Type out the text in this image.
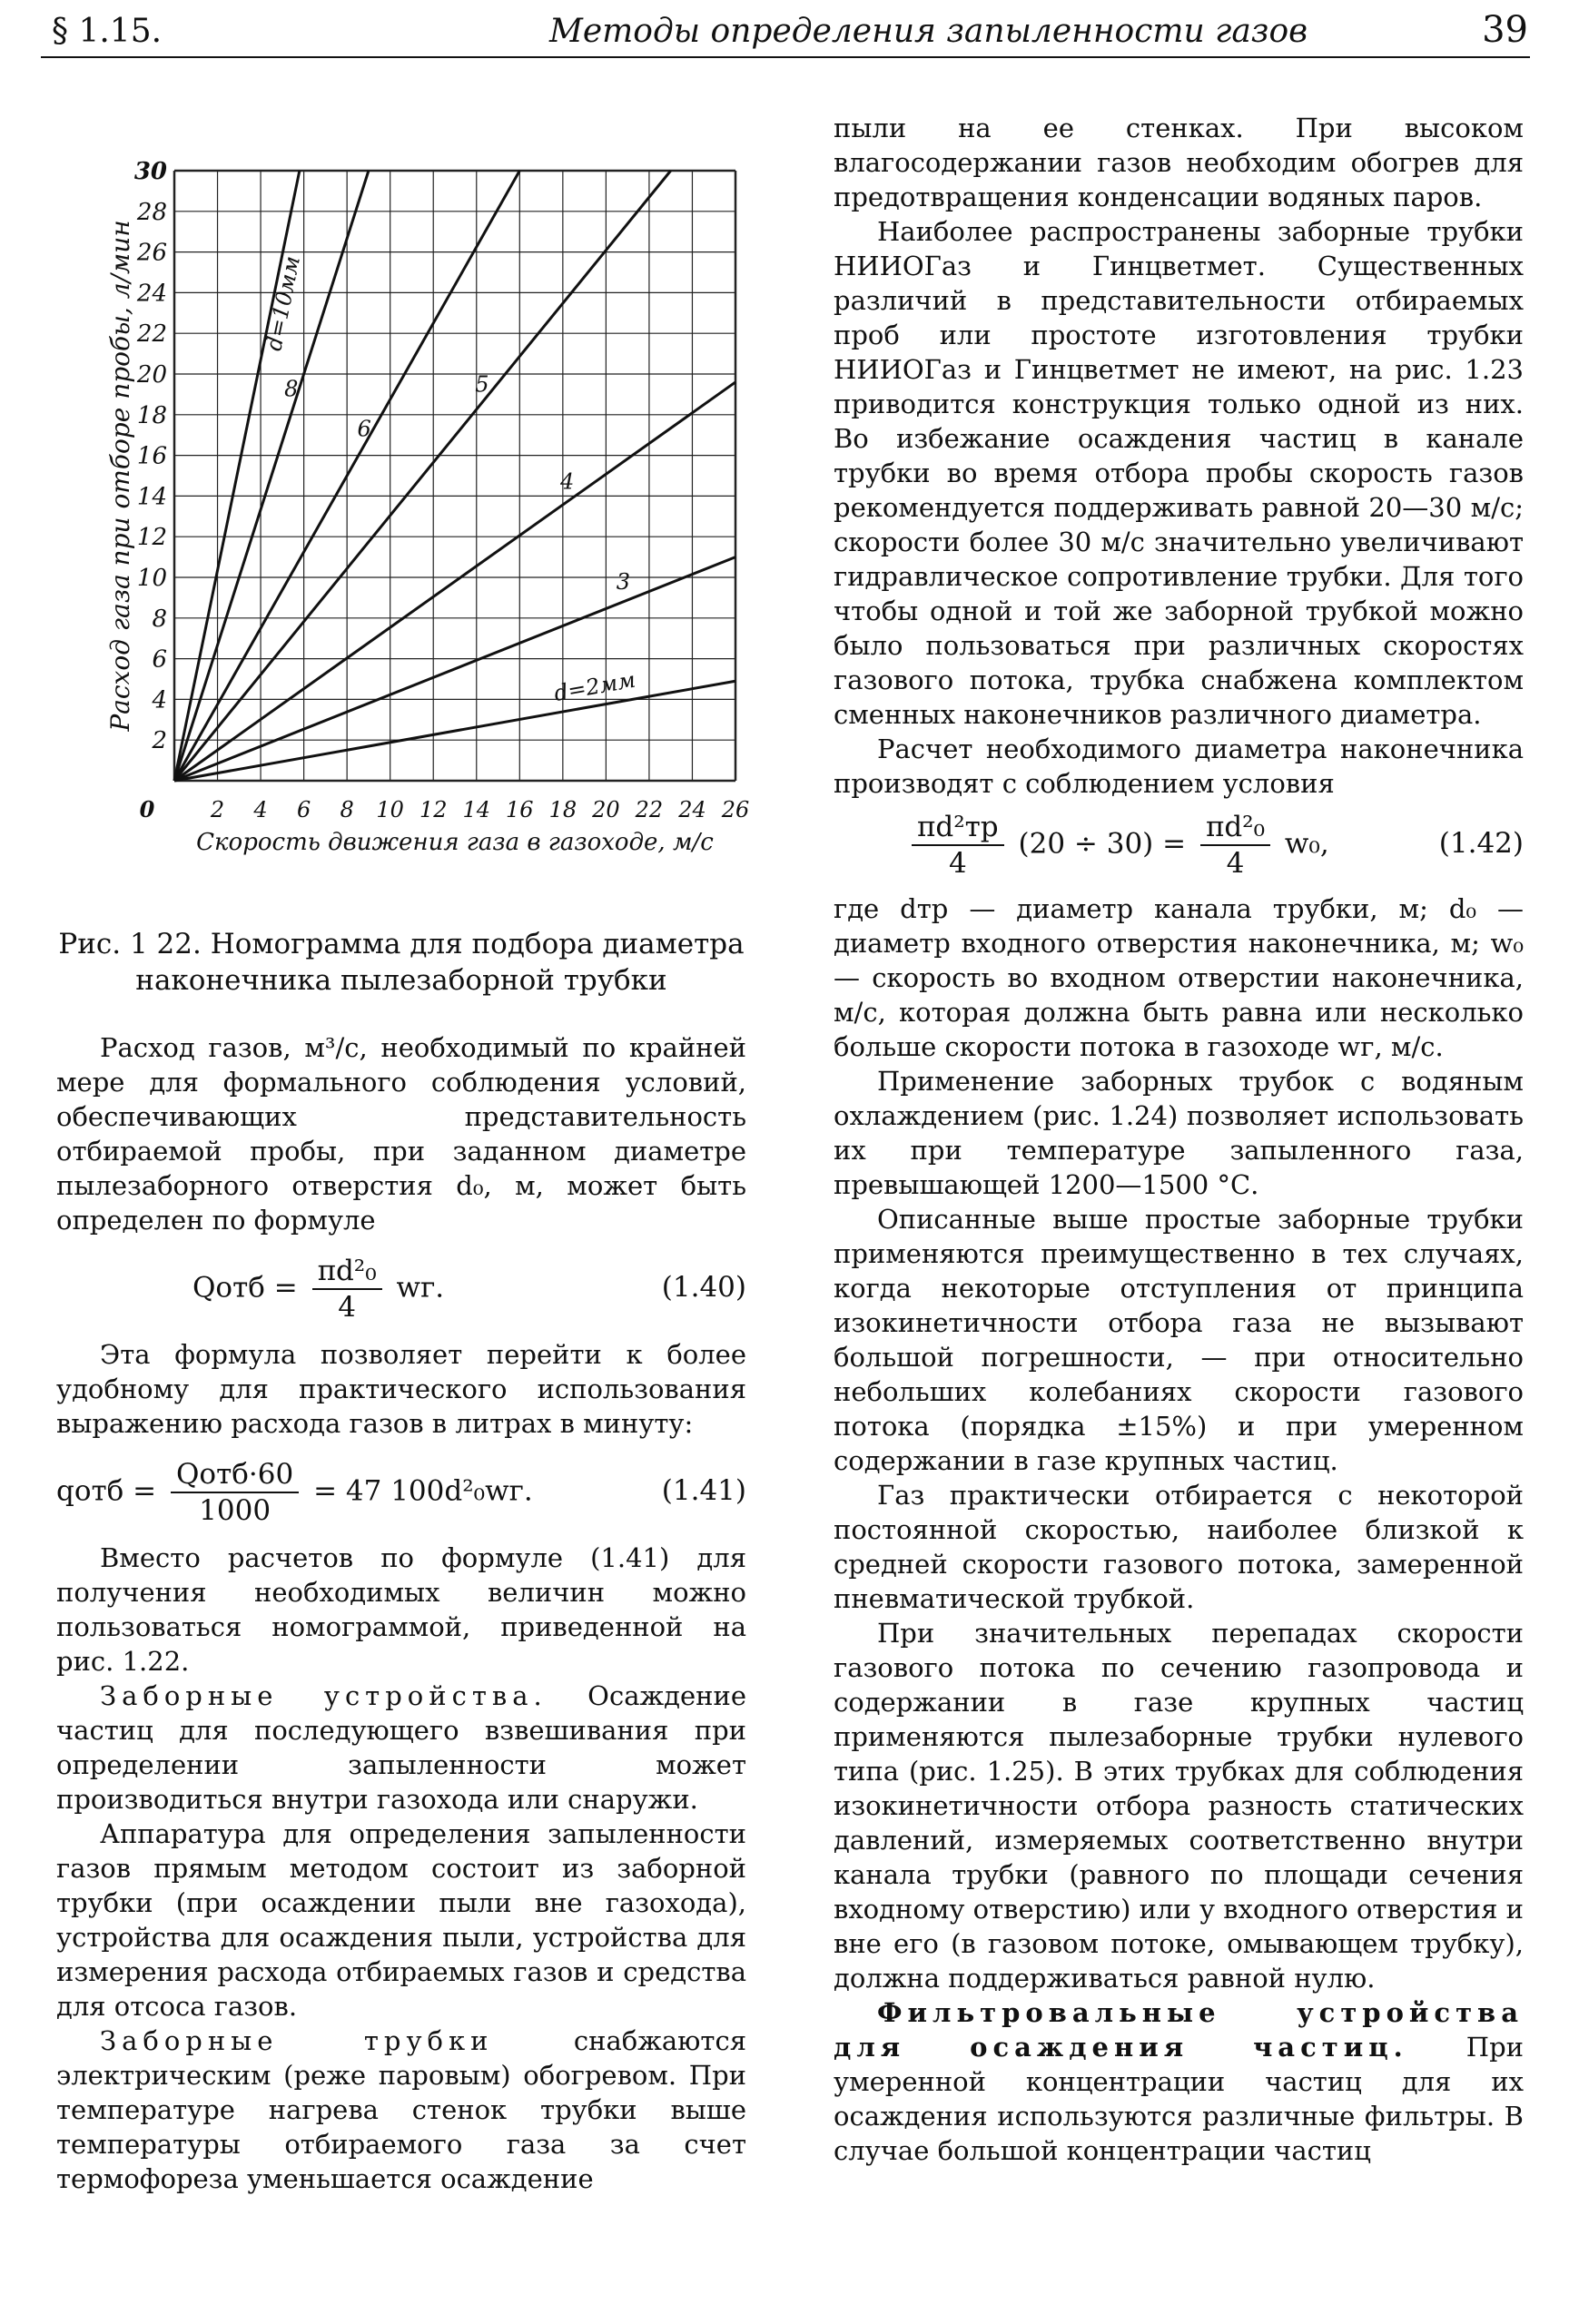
§ 1.15.	Методы определения запыленности газов	39
d=2мм
3
4
5
6
8
d=10мм
2
4
6
8
10
12
14
16
18
20
22
24
26
28
30
0	2 4 6 8 10 12 14 16 18 20 22 24 26
Скорость движения газа в газоходе, м/с
Расход газа при отборе пробы, л/мин
Рис. 1 22. Номограмма для подбора диаметра наконечника пылезаборной трубки

Расход газов, м³/с, необходимый по крайней мере для формального соблюдения условий, обеспечивающих представительность отбираемой пробы, при заданном диаметре пылезаборного отверстия d₀, м, может быть определен по формуле

Qотб = $\frac{\text{πd²₀}}{4}$ wг.	(1.40)

Эта формула позволяет перейти к более удобному для практического использования выражению расхода газов в литрах в минуту:

qотб = $\frac{\text{Qотб·60}}{1000} = 47$ 100d²₀wг.	(1.41)

Вместо расчетов по формуле (1.41) для получения необходимых величин можно пользоваться номограммой, приведенной на рис. 1.22.

Заборные устройства. Осаждение частиц для последующего взвешивания при определении запыленности может производиться внутри газохода или снаружи.

Аппаратура для определения запыленности газов прямым методом состоит из заборной трубки (при осаждении пыли вне газохода), устройства для осаждения пыли, устройства для измерения расхода отбираемых газов и средства для отсоса газов.

Заборные трубки снабжаются электрическим (реже паровым) обогревом. При температуре нагрева стенок трубки выше температуры отбираемого газа за счет термофореза уменьшается осаждение

пыли на ее стенках. При высоком влагосодержании газов необходим обогрев для предотвращения конденсации водяных паров.

Наиболее распространены заборные трубки НИИОГаз и Гинцветмет. Существенных различий в представительности отбираемых проб или простоте изготовления трубки НИИОГаз и Гинцветмет не имеют, на рис. 1.23 приводится конструкция только одной из них. Во избежание осаждения частиц в канале трубки во время отбора пробы скорость газов рекомендуется поддерживать равной 20—30 м/с; скорости более 30 м/с значительно увеличивают гидравлическое сопротивление трубки. Для того чтобы одной и той же заборной трубкой можно было пользоваться при различных скоростях газового потока, трубка снабжена комплектом сменных наконечников различного диаметра.

Расчет необходимого диаметра наконечника производят с соблюдением условия

$\frac{\text{πd²тр}}{4} (20 \div 30) = \frac{\text{πd²₀}}{4} w_0$,	(1.42)

где dтр — диаметр канала трубки, м; d₀ — диаметр входного отверстия наконечника, м; w₀ — скорость во входном отверстии наконечника, м/с, которая должна быть равна или несколько больше скорости потока в газоходе wг, м/с.

Применение заборных трубок с водяным охлаждением (рис. 1.24) позволяет использовать их при температуре запыленного газа, превышающей 1200—1500 °С.

Описанные выше простые заборные трубки применяются преимущественно в тех случаях, когда некоторые отступления от принципа изокинетичности отбора газа не вызывают большой погрешности, — при относительно небольших колебаниях скорости газового потока (порядка ±15%) и при умеренном содержании в газе крупных частиц.

Газ практически отбирается с некоторой постоянной скоростью, наиболее близкой к средней скорости газового потока, замеренной пневматической трубкой.

При значительных перепадах скорости газового потока по сечению газопровода и содержании в газе крупных частиц применяются пылезаборные трубки нулевого типа (рис. 1.25). В этих трубках для соблюдения изокинетичности отбора разность статических давлений, измеряемых соответственно внутри канала трубки (равного по площади сечения входному отверстию) или у входного отверстия и вне его (в газовом потоке, омывающем трубку), должна поддерживаться равной нулю.

Фильтровальные устройства для осаждения частиц. При умеренной концентрации частиц для их осаждения используются различные фильтры. В случае большой концентрации частиц
